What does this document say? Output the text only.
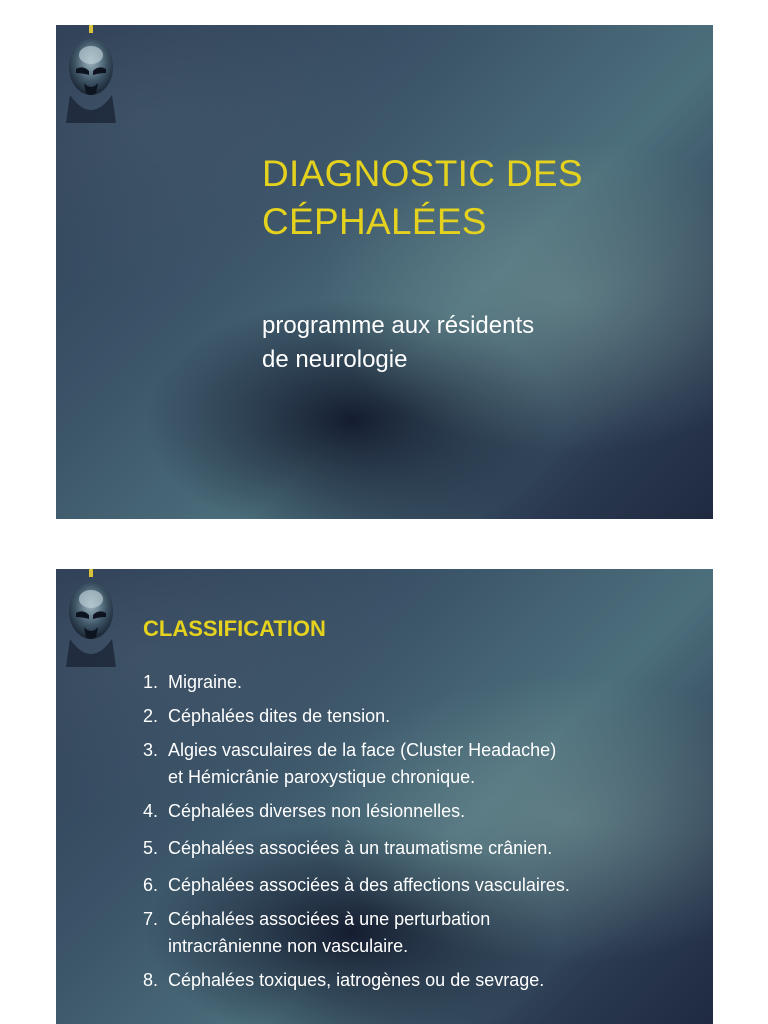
DIAGNOSTIC DES
CÉPHALÉES
programme aux résidents
de neurologie
CLASSIFICATION
1. Migraine.
2. Céphalées dites de tension.
3. Algies vasculaires de la face (Cluster Headache)
et Hémicrânie paroxystique chronique.
4. Céphalées diverses non lésionnelles.
5. Céphalées associées à un traumatisme crânien.
6. Céphalées associées à des affections vasculaires.
7. Céphalées associées à une perturbation
intracrânienne non vasculaire.
8. Céphalées toxiques, iatrogènes ou de sevrage.
